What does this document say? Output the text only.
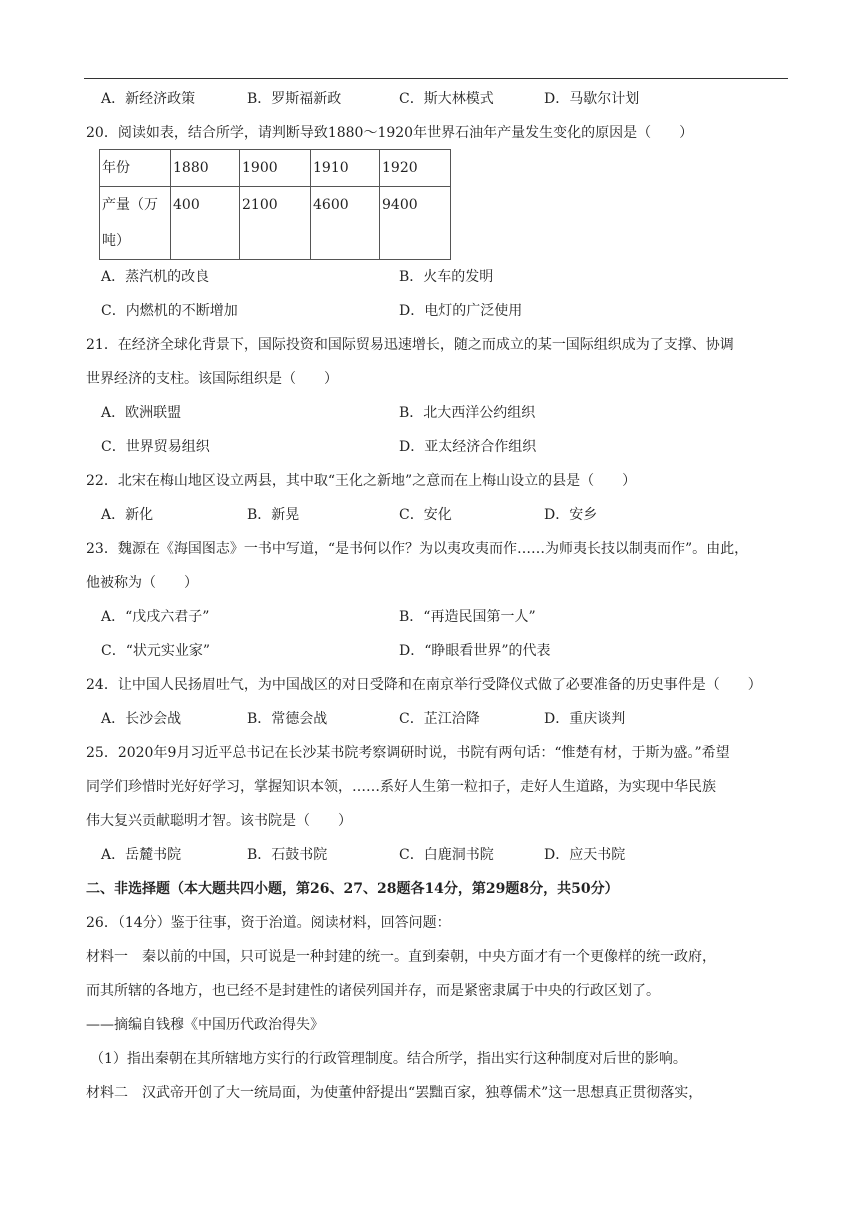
A．新经济政策	B．罗斯福新政	C．斯大林模式	D．马歇尔计划
20．阅读如表，结合所学，请判断导致1880～1920年世界石油年产量发生变化的原因是（　　）
年份	1880	1900	1910	1920
产量（万
吨）	400	2100	4600	9400
A．蒸汽机的改良	B．火车的发明
C．内燃机的不断增加	D．电灯的广泛使用
21．在经济全球化背景下，国际投资和国际贸易迅速增长，随之而成立的某一国际组织成为了支撑、协调
世界经济的支柱。该国际组织是（　　）
A．欧洲联盟	B．北大西洋公约组织
C．世界贸易组织	D．亚太经济合作组织
22．北宋在梅山地区设立两县，其中取“王化之新地”之意而在上梅山设立的县是（　　）
A．新化	B．新晃	C．安化	D．安乡
23．魏源在《海国图志》一书中写道，“是书何以作？为以夷攻夷而作……为师夷长技以制夷而作”。由此，
他被称为（　　）
A．“戊戌六君子”	B．“再造民国第一人”
C．“状元实业家”	D．“睁眼看世界”的代表
24．让中国人民扬眉吐气，为中国战区的对日受降和在南京举行受降仪式做了必要准备的历史事件是（　　）
A．长沙会战	B．常德会战	C．芷江洽降	D．重庆谈判
25．2020年9月习近平总书记在长沙某书院考察调研时说，书院有两句话：“惟楚有材，于斯为盛。”希望
同学们珍惜时光好好学习，掌握知识本领，……系好人生第一粒扣子，走好人生道路，为实现中华民族
伟大复兴贡献聪明才智。该书院是（　　）
A．岳麓书院	B．石鼓书院	C．白鹿洞书院	D．应天书院
二、非选择题（本大题共四小题，第26、27、28题各14分，第29题8分，共50分）
26．（14分）鉴于往事，资于治道。阅读材料，回答问题：
材料一　秦以前的中国，只可说是一种封建的统一。直到秦朝，中央方面才有一个更像样的统一政府，
而其所辖的各地方，也已经不是封建性的诸侯列国并存，而是紧密隶属于中央的行政区划了。
——摘编自钱穆《中国历代政治得失》
（1）指出秦朝在其所辖地方实行的行政管理制度。结合所学，指出实行这种制度对后世的影响。
材料二　汉武帝开创了大一统局面，为使董仲舒提出“罢黜百家，独尊儒术”这一思想真正贯彻落实，
